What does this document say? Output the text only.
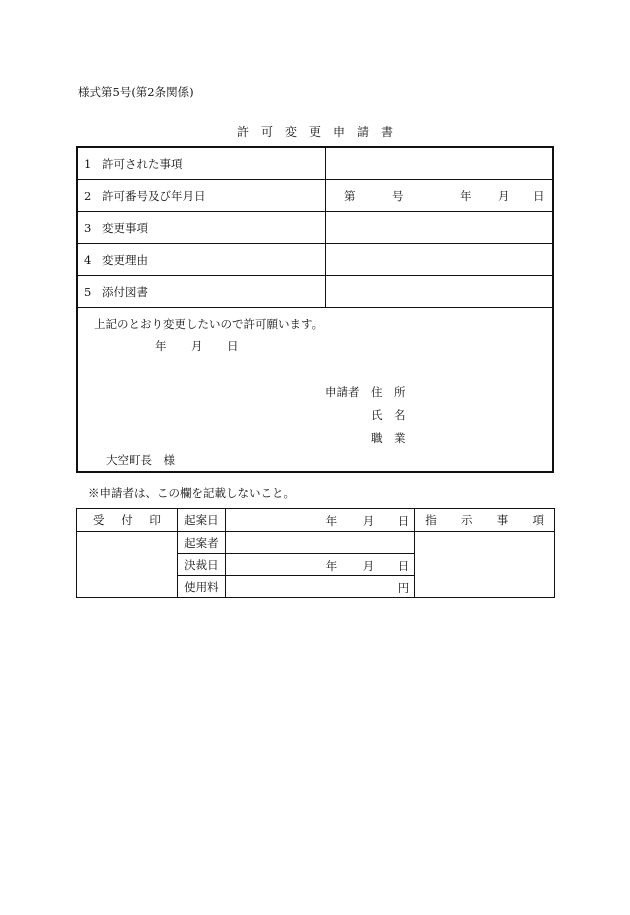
様式第5号(第2条関係)
許 可 変 更 申 請 書
1 許可された事項
2 許可番号及び年月日	第	号	年 月 日
3 変更事項
4 変更理由
5 添付図書
上記のとおり変更したいので許可願います。
年 月 日
申請者 住　所
氏　名
職　業
大空町長　様
※申請者は、この欄を記載しないこと。
受 付 印	起案日	年 月 日	指 示 事 項

	起案者		
	決裁日	年 月 日	

	使用料	円	
